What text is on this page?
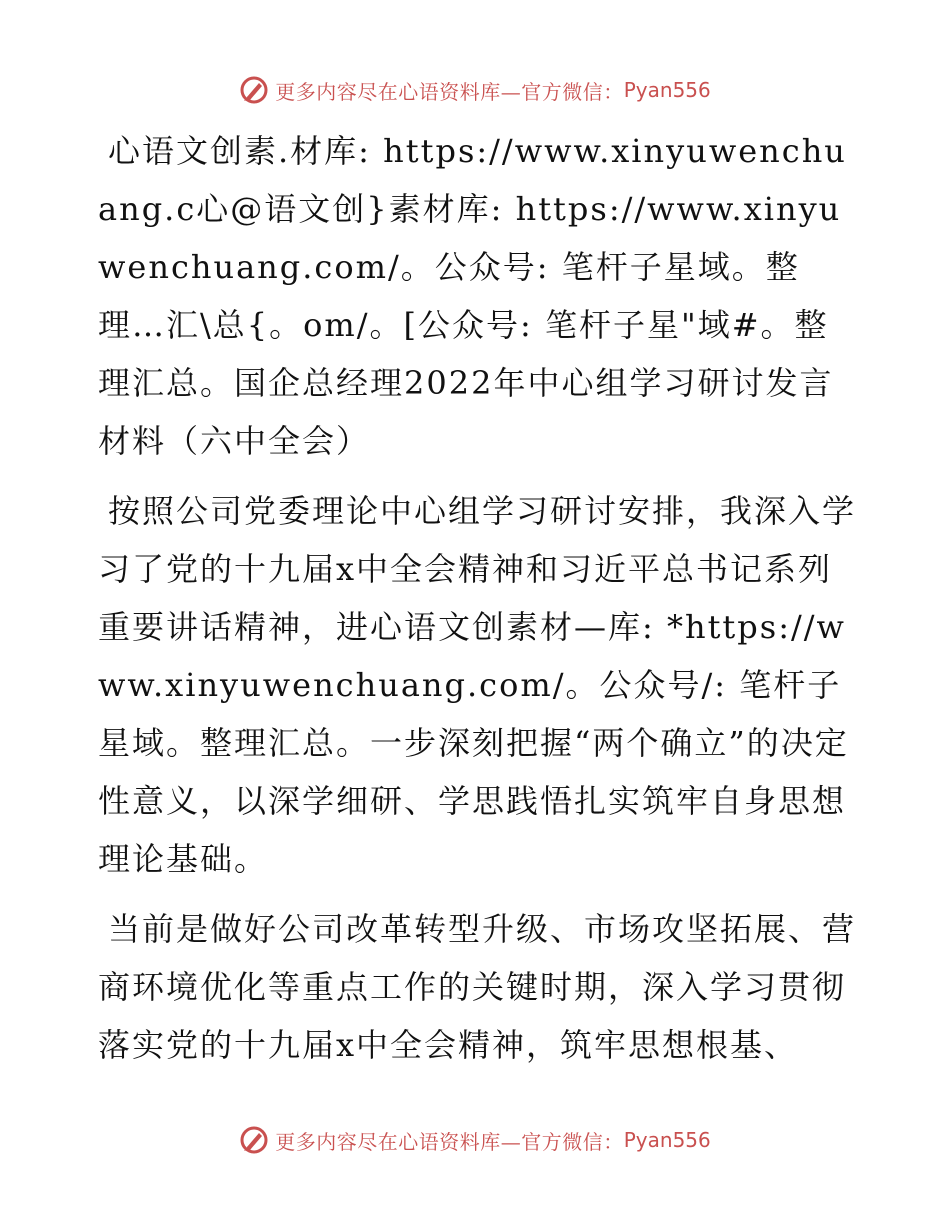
更多内容尽在心语资料库—官方微信： Pyan556

心语文创素.材库: https://www.xinyuwenchuang.c心@语文创}素材库: https://www.xinyuwenchuang.com/。公众号: 笔杆子星域。整理…汇\总{。om/。[公众号: 笔杆子星"域#。整理汇总。国企总经理2022年中心组学习研讨发言材料（六中全会）

按照公司党委理论中心组学习研讨安排，我深入学习了党的十九届x中全会精神和习近平总书记系列重要讲话精神，进心语文创素材—库: *https://www.xinyuwenchuang.com/。公众号/: 笔杆子星域。整理汇总。一步深刻把握“两个确立”的决定性意义，以深学细研、学思践悟扎实筑牢自身思想理论基础。

当前是做好公司改革转型升级、市场攻坚拓展、营商环境优化等重点工作的关键时期，深入学习贯彻落实党的十九届x中全会精神，筑牢思想根基、

更多内容尽在心语资料库—官方微信： Pyan556
